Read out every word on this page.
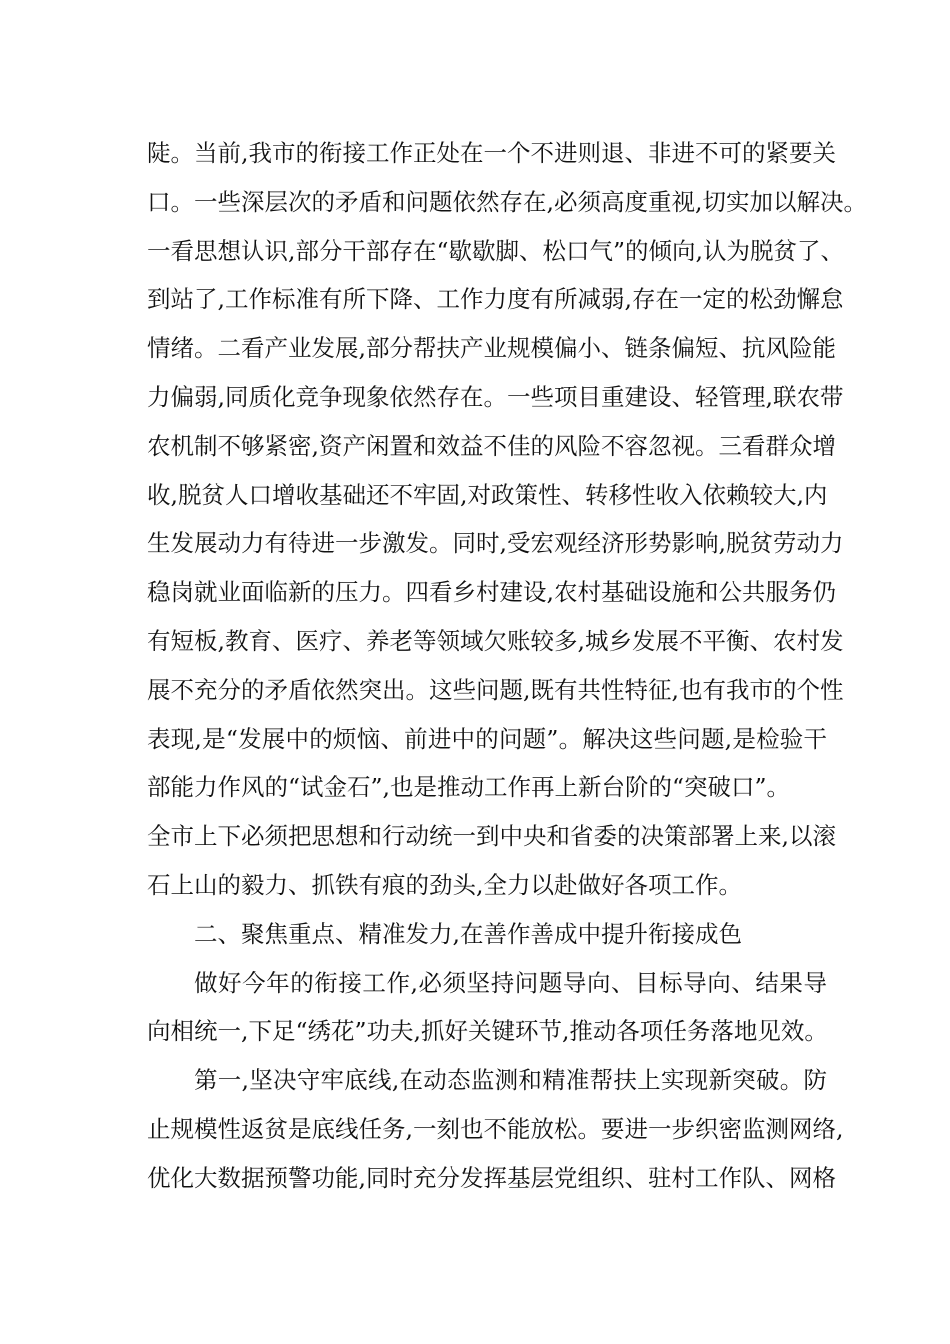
陡。当前,我市的衔接工作正处在一个不进则退、非进不可的紧要关
口。一些深层次的矛盾和问题依然存在,必须高度重视,切实加以解决。
一看思想认识,部分干部存在“歇歇脚、松口气”的倾向,认为脱贫了、
到站了,工作标准有所下降、工作力度有所减弱,存在一定的松劲懈怠
情绪。二看产业发展,部分帮扶产业规模偏小、链条偏短、抗风险能
力偏弱,同质化竞争现象依然存在。一些项目重建设、轻管理,联农带
农机制不够紧密,资产闲置和效益不佳的风险不容忽视。三看群众增
收,脱贫人口增收基础还不牢固,对政策性、转移性收入依赖较大,内
生发展动力有待进一步激发。同时,受宏观经济形势影响,脱贫劳动力
稳岗就业面临新的压力。四看乡村建设,农村基础设施和公共服务仍
有短板,教育、医疗、养老等领域欠账较多,城乡发展不平衡、农村发
展不充分的矛盾依然突出。这些问题,既有共性特征,也有我市的个性
表现,是“发展中的烦恼、前进中的问题”。解决这些问题,是检验干
部能力作风的“试金石”,也是推动工作再上新台阶的“突破口”。
全市上下必须把思想和行动统一到中央和省委的决策部署上来,以滚
石上山的毅力、抓铁有痕的劲头,全力以赴做好各项工作。
二、聚焦重点、精准发力,在善作善成中提升衔接成色
做好今年的衔接工作,必须坚持问题导向、目标导向、结果导
向相统一,下足“绣花”功夫,抓好关键环节,推动各项任务落地见效。
第一,坚决守牢底线,在动态监测和精准帮扶上实现新突破。防
止规模性返贫是底线任务,一刻也不能放松。要进一步织密监测网络,
优化大数据预警功能,同时充分发挥基层党组织、驻村工作队、网格
